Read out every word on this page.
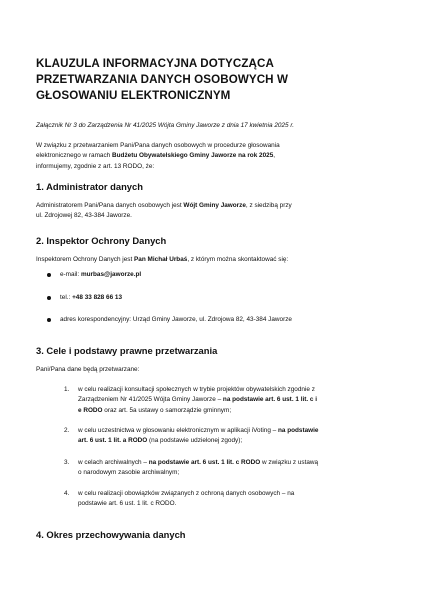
KLAUZULA INFORMACYJNA DOTYCZĄCA
PRZETWARZANIA DANYCH OSOBOWYCH W
GŁOSOWANIU ELEKTRONICZNYM
Załącznik Nr 3 do Zarządzenia Nr 41/2025 Wójta Gminy Jaworze z dnia 17 kwietnia 2025 r.
W związku z przetwarzaniem Pani/Pana danych osobowych w procedurze głosowania
elektronicznego w ramach Budżetu Obywatelskiego Gminy Jaworze na rok 2025,
informujemy, zgodnie z art. 13 RODO, że:
1. Administrator danych
Administratorem Pani/Pana danych osobowych jest Wójt Gminy Jaworze, z siedzibą przy
ul. Zdrojowej 82, 43-384 Jaworze.
2. Inspektor Ochrony Danych
Inspektorem Ochrony Danych jest Pan Michał Urbaś, z którym można skontaktować się:
e-mail: murbas@jaworze.pl
tel.: +48 33 828 66 13
adres korespondencyjny: Urząd Gminy Jaworze, ul. Zdrojowa 82, 43-384 Jaworze
3. Cele i podstawy prawne przetwarzania
Pani/Pana dane będą przetwarzane:
1. w celu realizacji konsultacji społecznych w trybie projektów obywatelskich zgodnie z
Zarządzeniem Nr 41/2025 Wójta Gminy Jaworze – na podstawie art. 6 ust. 1 lit. c i
e RODO oraz art. 5a ustawy o samorządzie gminnym;
2. w celu uczestnictwa w głosowaniu elektronicznym w aplikacji iVoting – na podstawie
art. 6 ust. 1 lit. a RODO (na podstawie udzielonej zgody);
3. w celach archiwalnych – na podstawie art. 6 ust. 1 lit. c RODO w związku z ustawą
o narodowym zasobie archiwalnym;
4. w celu realizacji obowiązków związanych z ochroną danych osobowych – na
podstawie art. 6 ust. 1 lit. c RODO.
4. Okres przechowywania danych
